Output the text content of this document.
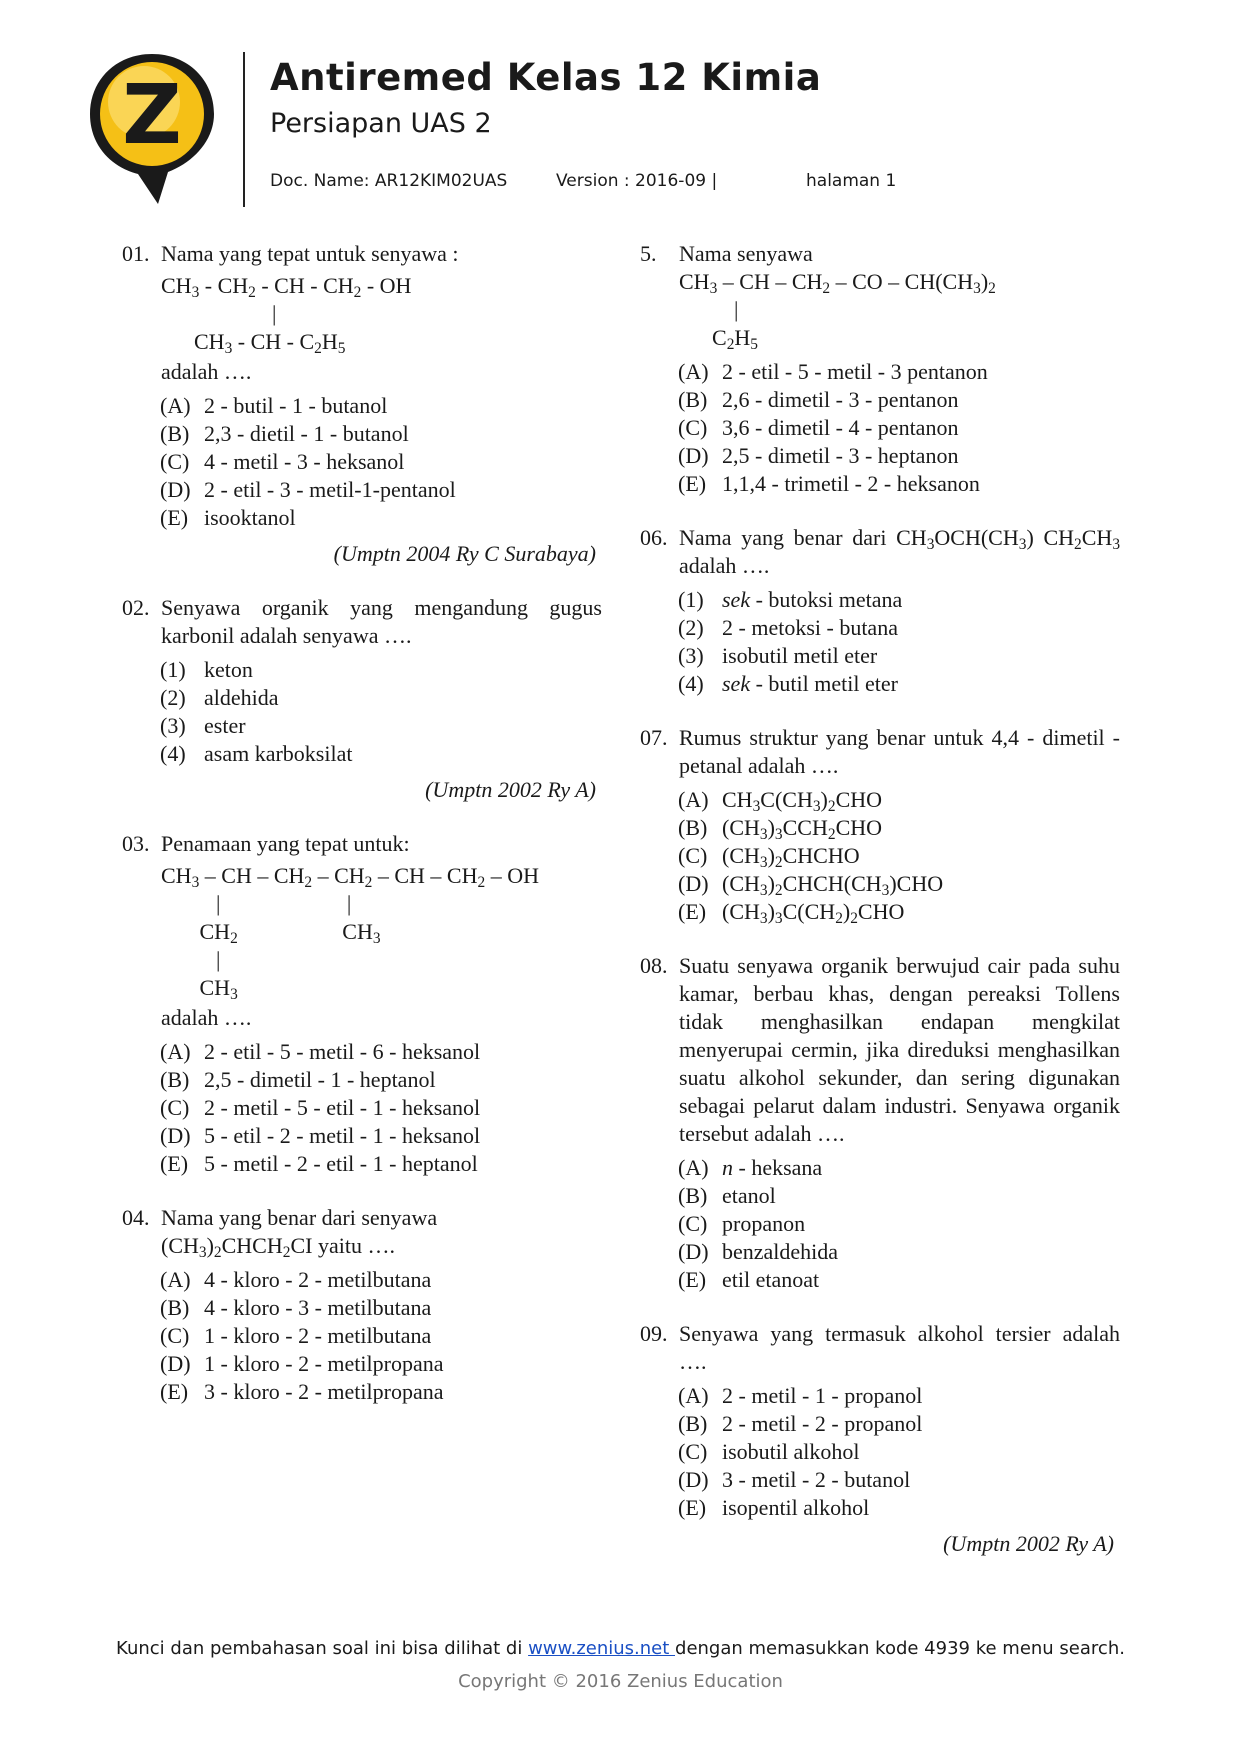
Z Antiremed Kelas 12 Kimia
Persiapan UAS 2
Doc. Name: AR12KIM02UAS	Version : 2016-09 |	halaman 1
01. Nama yang tepat untuk senyawa :
$CH_3 - CH_2$ - CH - $CH_2$ - OH
|
$CH_3$ - CH - $C_2H_5$
adalah ….
(A) 2 - butil - 1 - butanol
(B) 2,3 - dietil - 1 - butanol
(C) 4 - metil - 3 - heksanol
(D) 2 - etil - 3 - metil-1-pentanol
(E) isooktanol
(Umptn 2004 Ry C Surabaya)
02. Senyawa organik yang mengandung gugus karbonil adalah senyawa ….
(1) keton
(2) aldehida
(3) ester
(4) asam karboksilat
(Umptn 2002 Ry A)
03. Penamaan yang tepat untuk:
$CH_3$ – CH – $CH_2 - CH_2$ – CH – $CH_2$ – OH
|                       |
$CH_2$                   $CH_3$
|
$CH_3$
adalah ….
(A) 2 - etil - 5 - metil - 6 - heksanol
(B) 2,5 - dimetil - 1 - heptanol
(C) 2 - metil - 5 - etil - 1 - heksanol
(D) 5 - etil - 2 - metil - 1 - heksanol
(E) 5 - metil - 2 - etil - 1 - heptanol
04. Nama yang benar dari senyawa
$(CH_3)_2CHCH_2CI$ yaitu ….
(A) 4 - kloro - 2 - metilbutana
(B) 4 - kloro - 3 - metilbutana
(C) 1 - kloro - 2 - metilbutana
(D) 1 - kloro - 2 - metilpropana
(E) 3 - kloro - 2 - metilpropana
5.	Nama senyawa
$CH_3$ – CH – $CH_2$ – CO – $CH(CH_3)_2$
|
$C_2H_5$
(A) 2 - etil - 5 - metil - 3 pentanon
(B) 2,6 - dimetil - 3 - pentanon
(C) 3,6 - dimetil - 4 - pentanon
(D) 2,5 - dimetil - 3 - heptanon
(E) 1,1,4 - trimetil - 2 - heksanon
06. Nama yang benar dari $CH_3OCH(CH_3)$ $CH_2CH_3$ adalah ….
(1) sek - butoksi metana
(2) 2 - metoksi - butana
(3) isobutil metil eter
(4) sek - butil metil eter
07. Rumus struktur yang benar untuk 4,4 - dimetil - petanal adalah ….
(A) $CH_3C(CH_3)_2CHO$
(B) $(CH_3)_3CCH_2CHO$
(C) $(CH_3)_2CHCHO$
(D) $(CH_3)_2CHCH(CH_3)CHO$
(E) $(CH_3)_3C(CH_2)_2CHO$
08. Suatu senyawa organik berwujud cair pada suhu kamar, berbau khas, dengan pereaksi Tollens tidak menghasilkan endapan mengkilat menyerupai cermin, jika direduksi menghasilkan suatu alkohol sekunder, dan sering digunakan sebagai pelarut dalam industri. Senyawa organik tersebut adalah ….
(A) n - heksana
(B) etanol
(C) propanon
(D) benzaldehida
(E) etil etanoat
09. Senyawa yang termasuk alkohol tersier adalah ….
(A) 2 - metil - 1 - propanol
(B) 2 - metil - 2 - propanol
(C) isobutil alkohol
(D) 3 - metil - 2 - butanol
(E) isopentil alkohol
(Umptn 2002 Ry A)
Kunci dan pembahasan soal ini bisa dilihat di www.zenius.net dengan memasukkan kode 4939 ke menu search.
Copyright © 2016 Zenius Education
